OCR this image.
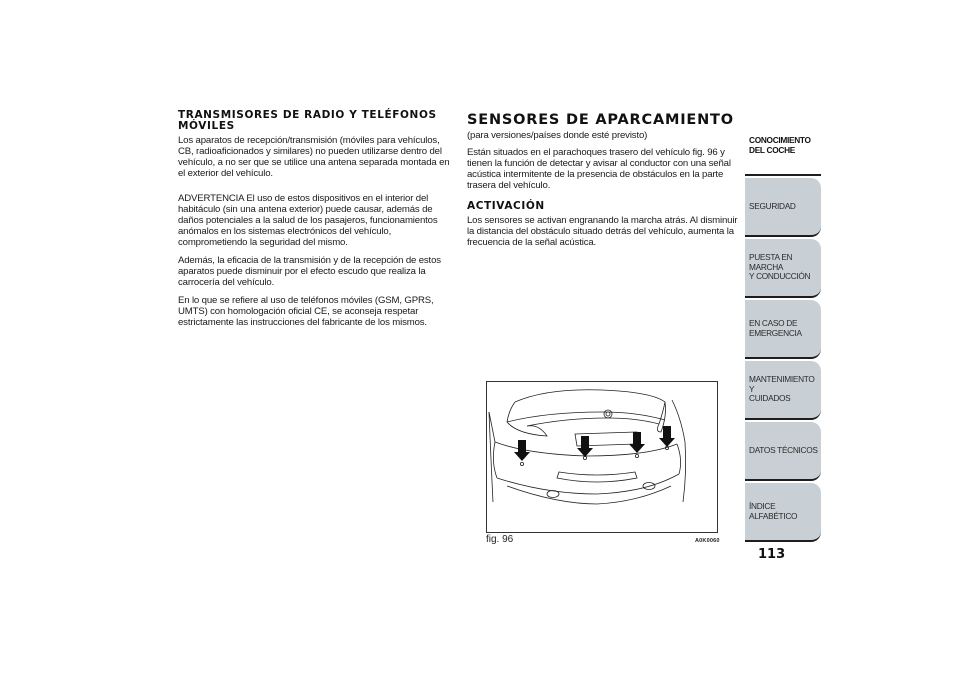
TRANSMISORES DE RADIO Y TELÉFONOS MÓVILES

Los aparatos de recepción/transmisión (móviles para vehículos, CB, radioaficionados y similares) no pueden utilizarse dentro del vehículo, a no ser que se utilice una antena separada montada en el exterior del vehículo.

ADVERTENCIA El uso de estos dispositivos en el interior del habitáculo (sin una antena exterior) puede causar, además de daños potenciales a la salud de los pasajeros, funcionamientos anómalos en los sistemas electrónicos del vehículo, comprometiendo la seguridad del mismo.

Además, la eficacia de la transmisión y de la recepción de estos aparatos puede disminuir por el efecto escudo que realiza la carrocería del vehículo.

En lo que se refiere al uso de teléfonos móviles (GSM, GPRS, UMTS) con homologación oficial CE, se aconseja respetar estrictamente las instrucciones del fabricante de los mismos.

SENSORES DE APARCAMIENTO

(para versiones/países donde esté previsto)

Están situados en el parachoques trasero del vehículo fig. 96 y tienen la función de detectar y avisar al conductor con una señal acústica intermitente de la presencia de obstáculos en la parte trasera del vehículo.

ACTIVACIÓN

Los sensores se activan engranando la marcha atrás. Al disminuir la distancia del obstáculo situado detrás del vehículo, aumenta la frecuencia de la señal acústica.

fig. 96	A0K0060
CONOCIMIENTO
DEL COCHE
SEGURIDAD
PUESTA EN MARCHA
Y CONDUCCIÓN
EN CASO DE
EMERGENCIA
MANTENIMIENTO Y
CUIDADOS
DATOS TÉCNICOS
ÍNDICE ALFABÉTICO
113
